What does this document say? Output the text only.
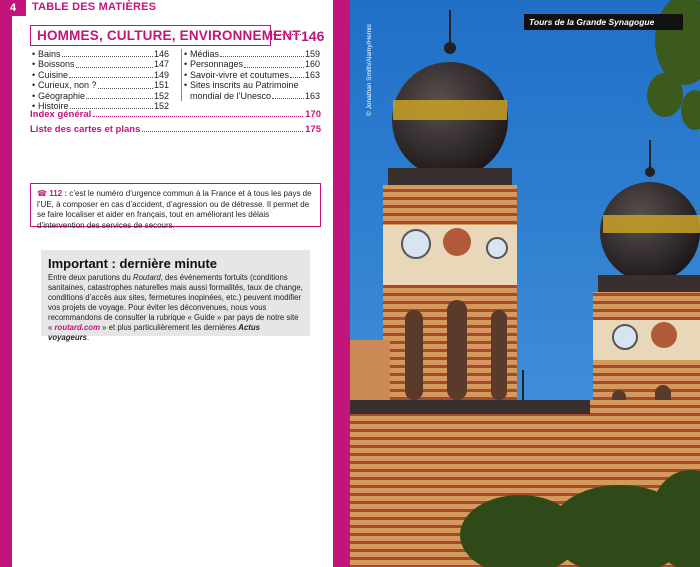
4	TABLE DES MATIÈRES
HOMMES, CULTURE, ENVIRONNEMENT 146
• Bains	146
• Boissons	147
• Cuisine	149
• Curieux, non ?	151
• Géographie	152
• Histoire	152
• Médias	159
• Personnages	160
• Savoir-vivre et coutumes 163
• Sites inscrits au Patrimoine
mondial de l’Unesco	163
Index général	170
Liste des cartes et plans	175
☎ 112 : c’est le numéro d’urgence commun à la France et à tous les pays de l’UE, à composer en cas d’accident, d’agression ou de détresse. Il permet de se faire localiser et aider en français, tout en améliorant les délais d’intervention des services de secours.
Important : dernière minute
Entre deux parutions du Routard, des événements fortuits (conditions sanitaines, catastrophes naturelles mais aussi formalités, taux de change, conditions d’accès aux sites, fermetures inopinées, etc.) peuvent modifier vos projets de voyage. Pour éviter les déconvenues, nous vous recommandons de consulter la rubrique « Guide » par pays de notre site « routard.com » et plus particulièrement les dernières Actus voyageurs.
Tours de la Grande Synagogue
© Jonathan Smith/Alamy/Hemis
